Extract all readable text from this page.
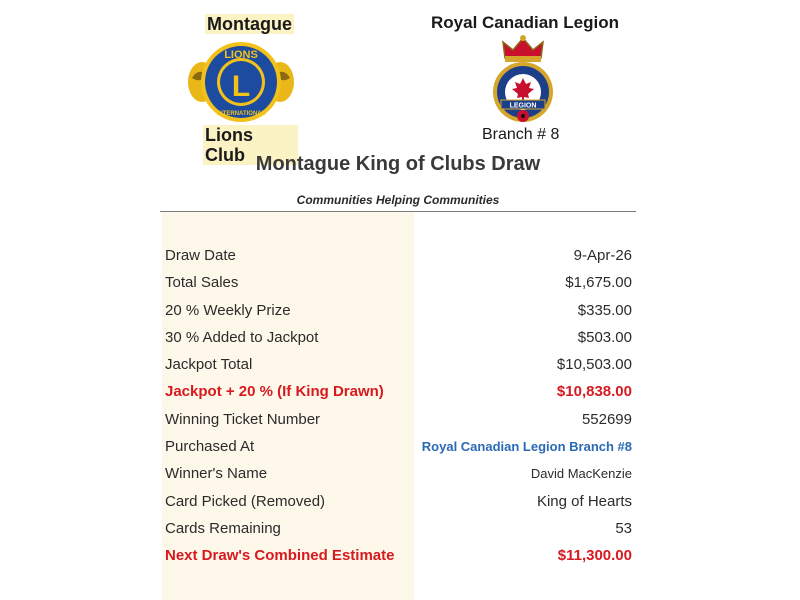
Montague
L
LIONS
INTERNATIONAL
Lions Club
Royal Canadian Legion
LEGION
Branch # 8
Montague King of Clubs Draw
Communities Helping Communities
Draw Date	9-Apr-26
Total Sales	$1,675.00
20 % Weekly Prize	$335.00
30 % Added to Jackpot	$503.00
Jackpot Total	$10,503.00
Jackpot + 20 % (If King Drawn)	$10,838.00
Winning Ticket Number	552699
Purchased At	Royal Canadian Legion Branch #8
Winner's Name	David MacKenzie
Card Picked (Removed)	King of Hearts
Cards Remaining	53
Next Draw's Combined Estimate	$11,300.00
